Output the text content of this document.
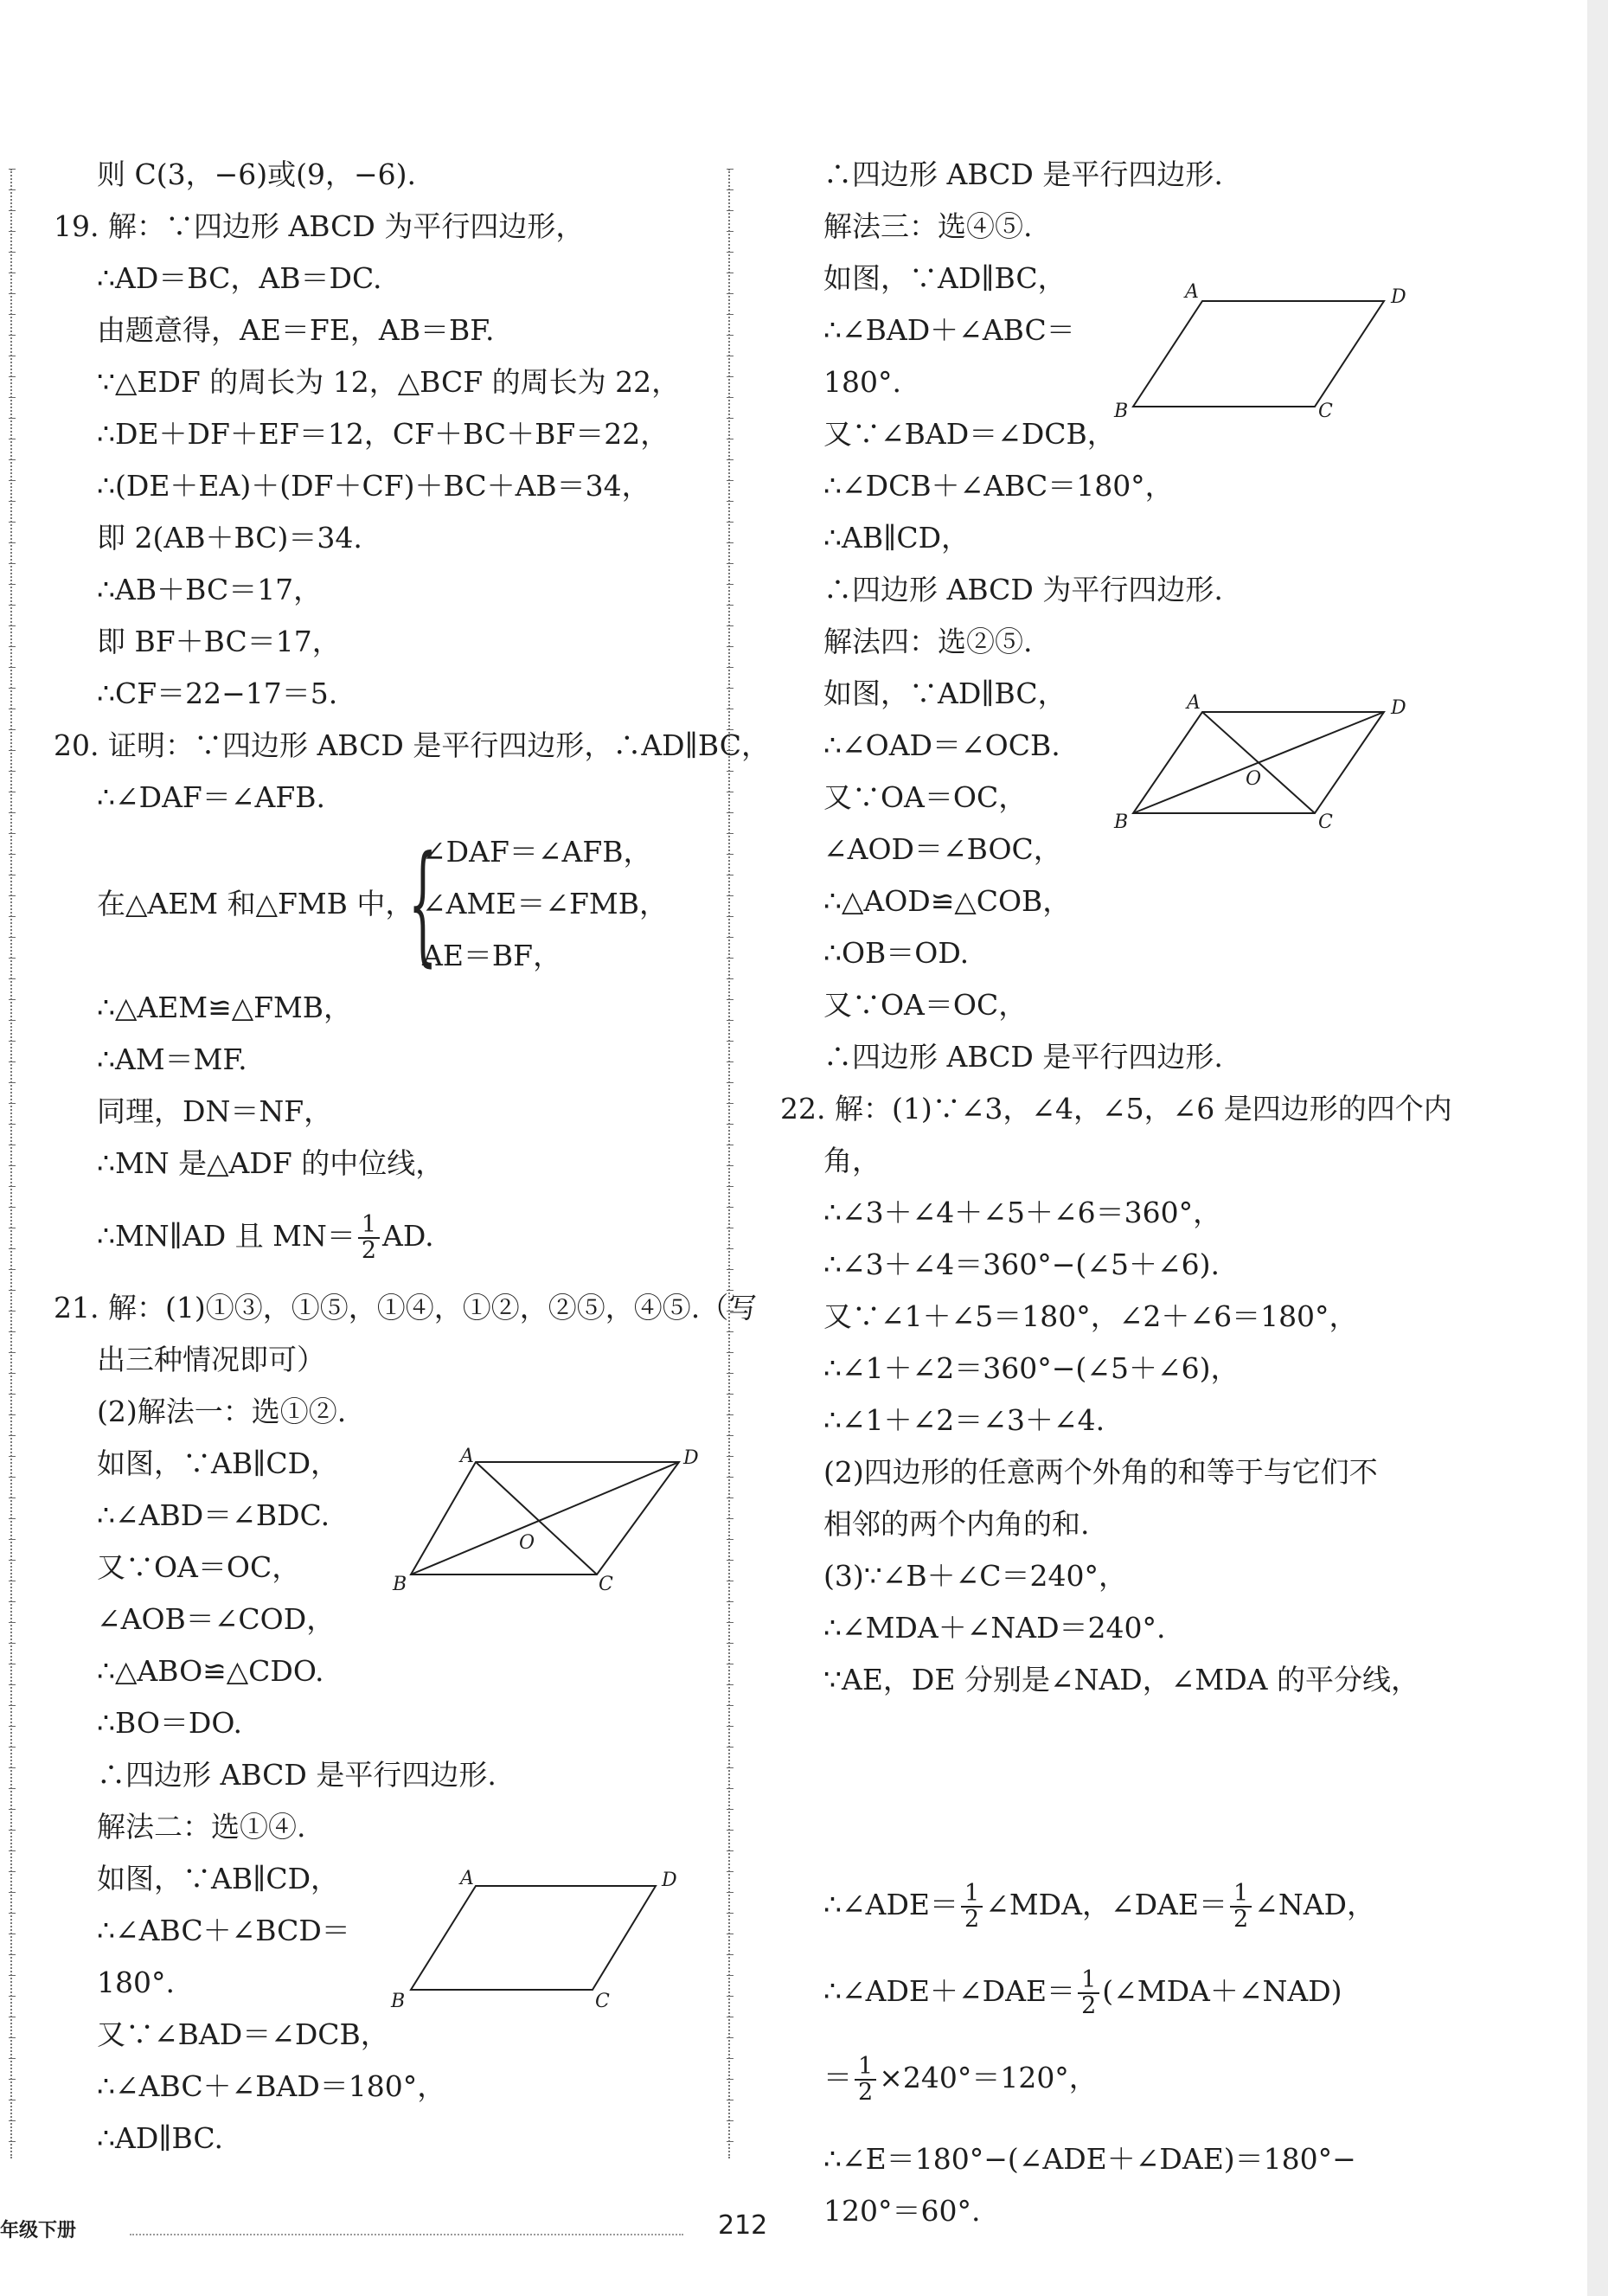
则 C(3，−6)或(9，−6).
19. 解：∵四边形 ABCD 为平行四边形，
∴AD＝BC，AB＝DC.
由题意得，AE＝FE，AB＝BF.
∵△EDF 的周长为 12，△BCF 的周长为 22，
∴DE＋DF＋EF＝12，CF＋BC＋BF＝22，
∴(DE＋EA)＋(DF＋CF)＋BC＋AB＝34，
即 2(AB＋BC)＝34.
∴AB＋BC＝17，
即 BF＋BC＝17，
∴CF＝22−17＝5.
20. 证明：∵四边形 ABCD 是平行四边形，∴AD∥BC，
∴∠DAF＝∠AFB.
在△AEM 和△FMB 中，
{
∠DAF＝∠AFB，
∠AME＝∠FMB，
AE＝BF，
∴△AEM≌△FMB，
∴AM＝MF.
同理，DN＝NF，
∴MN 是△ADF 的中位线，
∴MN∥AD 且 $MN= \frac{1}{2}$ AD.
21. 解：(1)①③，①⑤，①④，①②，②⑤，④⑤.（写
出三种情况即可）
(2)解法一：选①②.
如图，∵AB∥CD，
∴∠ABD＝∠BDC.
又∵OA＝OC，
∠AOB＝∠COD，
∴△ABO≌△CDO.
∴BO＝DO.
∴四边形 ABCD 是平行四边形.
解法二：选①④.
如图，∵AB∥CD，
∴∠ABC＋∠BCD＝
180°.
又∵∠BAD＝∠DCB，
∴∠ABC＋∠BAD＝180°，
∴AD∥BC.
∴四边形 ABCD 是平行四边形.
解法三：选④⑤.
如图，∵AD∥BC，
∴∠BAD＋∠ABC＝
180°.
又∵∠BAD＝∠DCB，
∴∠DCB＋∠ABC＝180°，
∴AB∥CD，
∴四边形 ABCD 为平行四边形.
解法四：选②⑤.
如图，∵AD∥BC，
∴∠OAD＝∠OCB.
又∵OA＝OC，
∠AOD＝∠BOC，
∴△AOD≌△COB，
∴OB＝OD.
又∵OA＝OC，
∴四边形 ABCD 是平行四边形.
22. 解：(1)∵∠3，∠4，∠5，∠6 是四边形的四个内
角，
∴∠3＋∠4＋∠5＋∠6＝360°，
∴∠3＋∠4＝360°−(∠5＋∠6).
又∵∠1＋∠5＝180°，∠2＋∠6＝180°，
∴∠1＋∠2＝360°−(∠5＋∠6)，
∴∠1＋∠2＝∠3＋∠4.
(2)四边形的任意两个外角的和等于与它们不
相邻的两个内角的和.
(3)∵∠B＋∠C＝240°，
∴∠MDA＋∠NAD＝240°.
∵AE，DE 分别是∠NAD，∠MDA 的平分线，
∴∠ADE＝ $\frac{1}{2}$ ∠MDA，∠DAE＝ $\frac{1}{2}$ ∠NAD，
∴∠ADE＋∠DAE＝ $\frac{1}{2}$ (∠MDA＋∠NAD)
＝ $\frac{1}{2} \times 240^\circ=120^\circ$，
∴∠E＝180°−(∠ADE＋∠DAE)＝180°−
120°＝60°.
A	D
B	C
O
A	D
B	C
A	D
B	C
A	D
B	C
O
年级下册	212
